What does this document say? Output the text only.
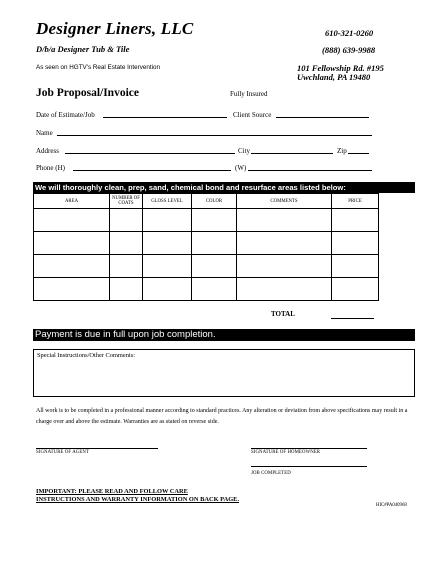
Designer Liners, LLC
D/b/a Designer Tub & Tile
As seen on HGTV's Real Estate Intervention
610-321-0260
(888) 639-9988
101 Fellowship Rd. #195
Uwchland, PA 19480
Job Proposal/Invoice	Fully Insured
Date of Estimate/Job	Client Source
Name
Address	City	Zip
Phone (H)	(W)
We will thoroughly clean, prep, sand, chemical bond and resurface areas listed below:
AREA	NUMBER OF COATS	GLOSS LEVEL	COLOR	COMMENTS	PRICE

TOTAL
Payment is due in full upon job completion.
Special Instructions/Other Comments:
All work is to be completed in a professional manner according to standard practices. Any alteration or deviation from above specifications may result in a charge over and above the estimate. Warranties are as stated on reverse side.
SIGNATURE OF AGENT	SIGNATURE OF HOMEOWNER
JOB COMPLETED
IMPORTANT: PLEASE READ AND FOLLOW CARE
INSTRUCTIONS AND WARRANTY INFORMATION ON BACK PAGE.
HIC#PA040968
